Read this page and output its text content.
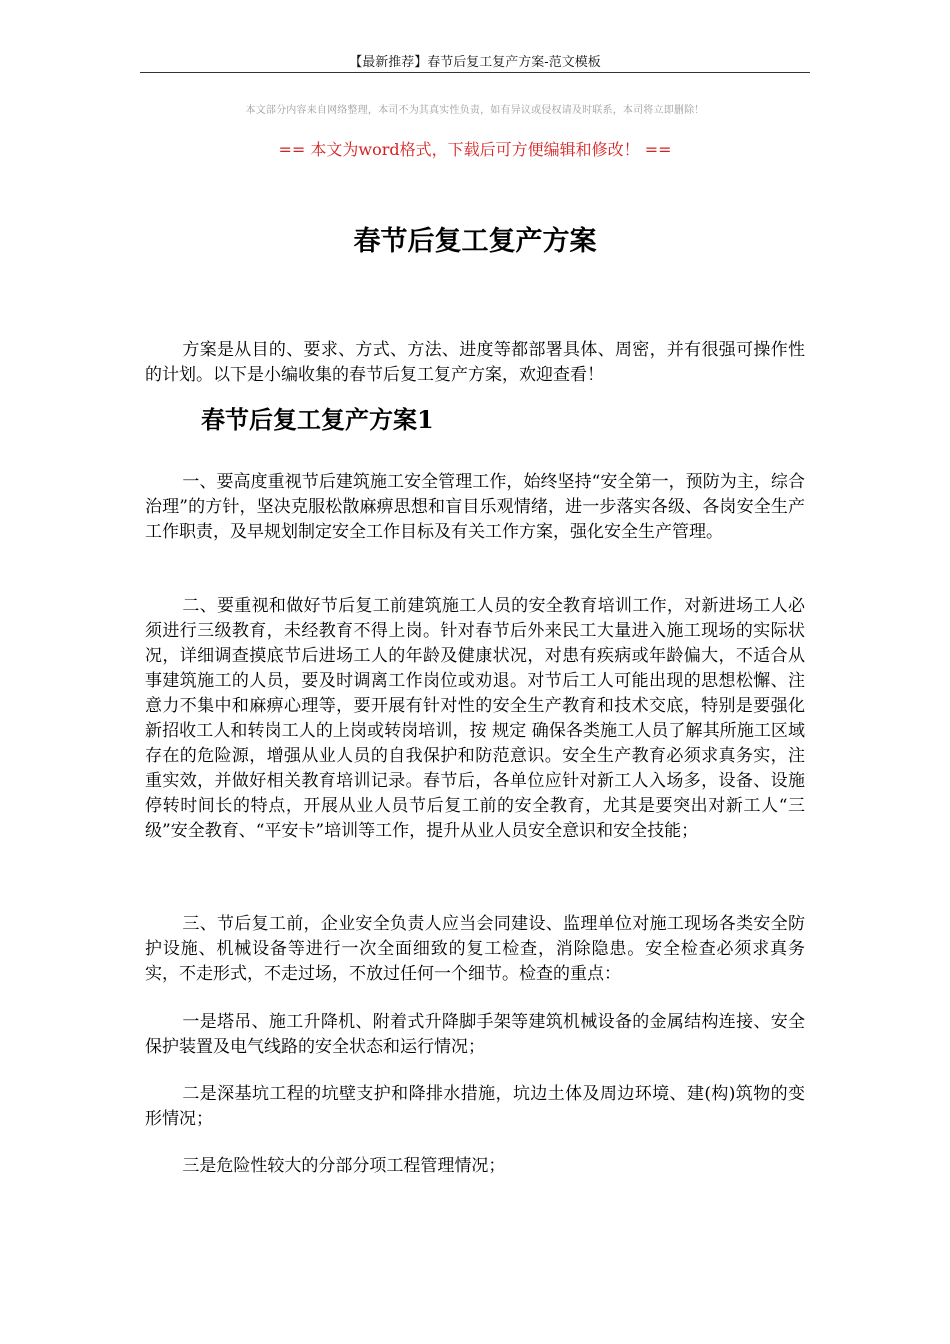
【最新推荐】春节后复工复产方案-范文模板
本文部分内容来自网络整理，本司不为其真实性负责，如有异议或侵权请及时联系，本司将立即删除！
== 本文为word格式，下载后可方便编辑和修改！ ==
春节后复工复产方案

方案是从目的、要求、方式、方法、进度等都部署具体、周密，并有很强可操作性的计划。以下是小编收集的春节后复工复产方案，欢迎查看！

春节后复工复产方案1

一、要高度重视节后建筑施工安全管理工作，始终坚持“安全第一，预防为主，综合治理”的方针，坚决克服松散麻痹思想和盲目乐观情绪，进一步落实各级、各岗安全生产工作职责，及早规划制定安全工作目标及有关工作方案，强化安全生产管理。

二、要重视和做好节后复工前建筑施工人员的安全教育培训工作，对新进场工人必须进行三级教育，未经教育不得上岗。针对春节后外来民工大量进入施工现场的实际状况，详细调查摸底节后进场工人的年龄及健康状况，对患有疾病或年龄偏大，不适合从事建筑施工的人员，要及时调离工作岗位或劝退。对节后工人可能出现的思想松懈、注意力不集中和麻痹心理等，要开展有针对性的安全生产教育和技术交底，特别是要强化新招收工人和转岗工人的上岗或转岗培训，按 规定 确保各类施工人员了解其所施工区域存在的危险源，增强从业人员的自我保护和防范意识。安全生产教育必须求真务实，注重实效，并做好相关教育培训记录。春节后，各单位应针对新工人入场多，设备、设施停转时间长的特点，开展从业人员节后复工前的安全教育，尤其是要突出对新工人“三级”安全教育、“平安卡”培训等工作，提升从业人员安全意识和安全技能；

三、节后复工前，企业安全负责人应当会同建设、监理单位对施工现场各类安全防护设施、机械设备等进行一次全面细致的复工检查，消除隐患。安全检查必须求真务实，不走形式，不走过场，不放过任何一个细节。检查的重点：

一是塔吊、施工升降机、附着式升降脚手架等建筑机械设备的金属结构连接、安全保护装置及电气线路的安全状态和运行情况；

二是深基坑工程的坑壁支护和降排水措施，坑边土体及周边环境、建(构)筑物的变形情况；

三是危险性较大的分部分项工程管理情况；
